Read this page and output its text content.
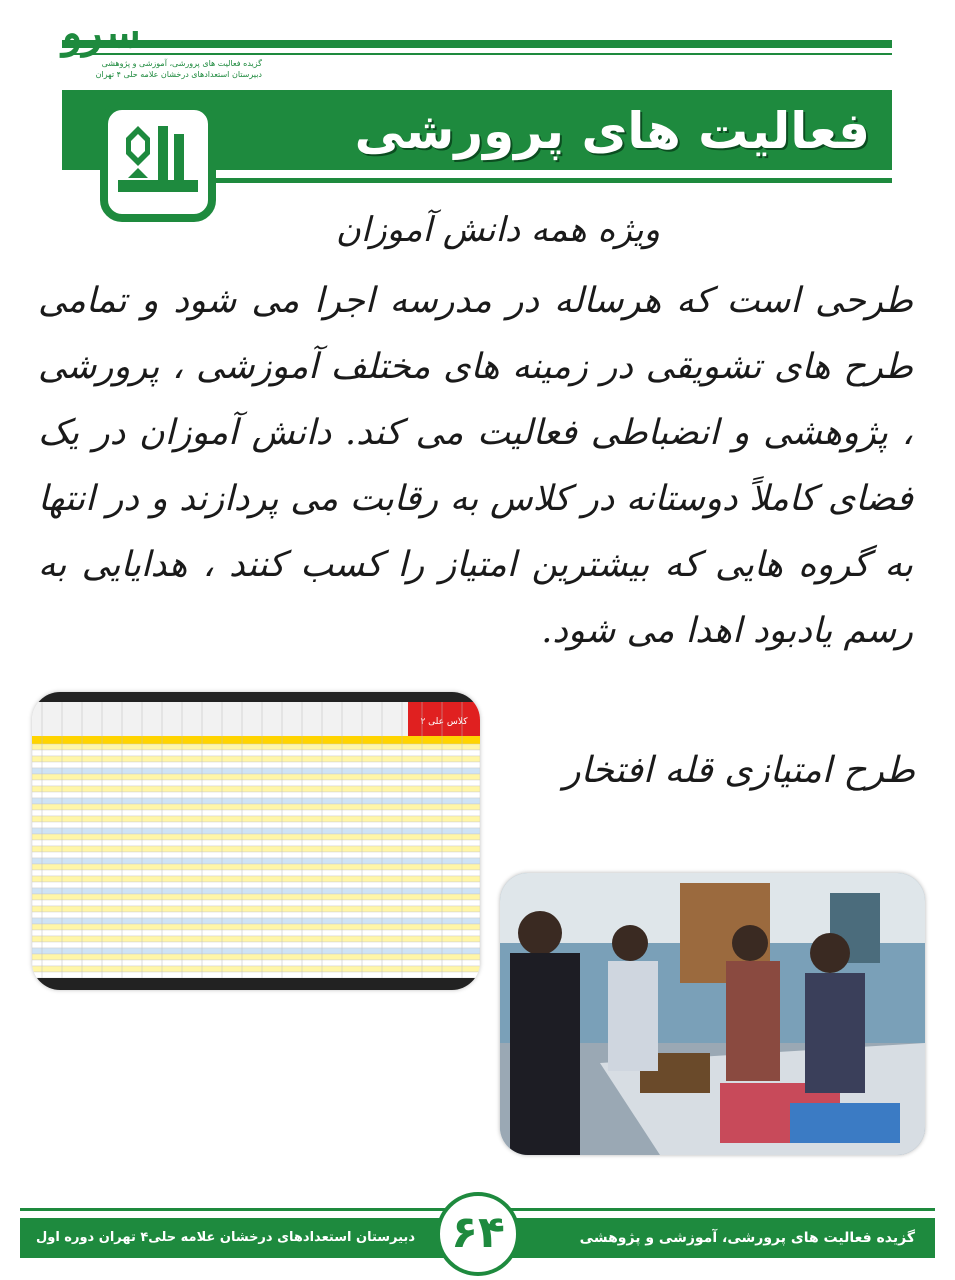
سرو
گزیده فعالیت های پرورشی، آموزشی و پژوهشی
دبیرستان استعدادهای درخشان علامه حلی ۴ تهران
فعالیت های پرورشی
ویژه همه دانش آموزان
طرحی است که هرساله در مدرسه اجرا می شود و تمامی طرح های تشویقی در زمینه های مختلف آموزشی ، پرورشی ، پژوهشی و انضباطی فعالیت می کند. دانش آموزان در یک فضای کاملاً دوستانه در کلاس به رقابت می پردازند و در انتها به گروه هایی که بیشترین امتیاز را کسب کنند ، هدایایی به رسم یادبود اهدا می شود.
کلاس علی ۲
طرح امتیازی قله افتخار
گزیده فعالیت های پرورشی، آموزشی و پژوهشی
دبیرستان استعدادهای درخشان علامه حلی۴ تهران دوره اول ۶۴
